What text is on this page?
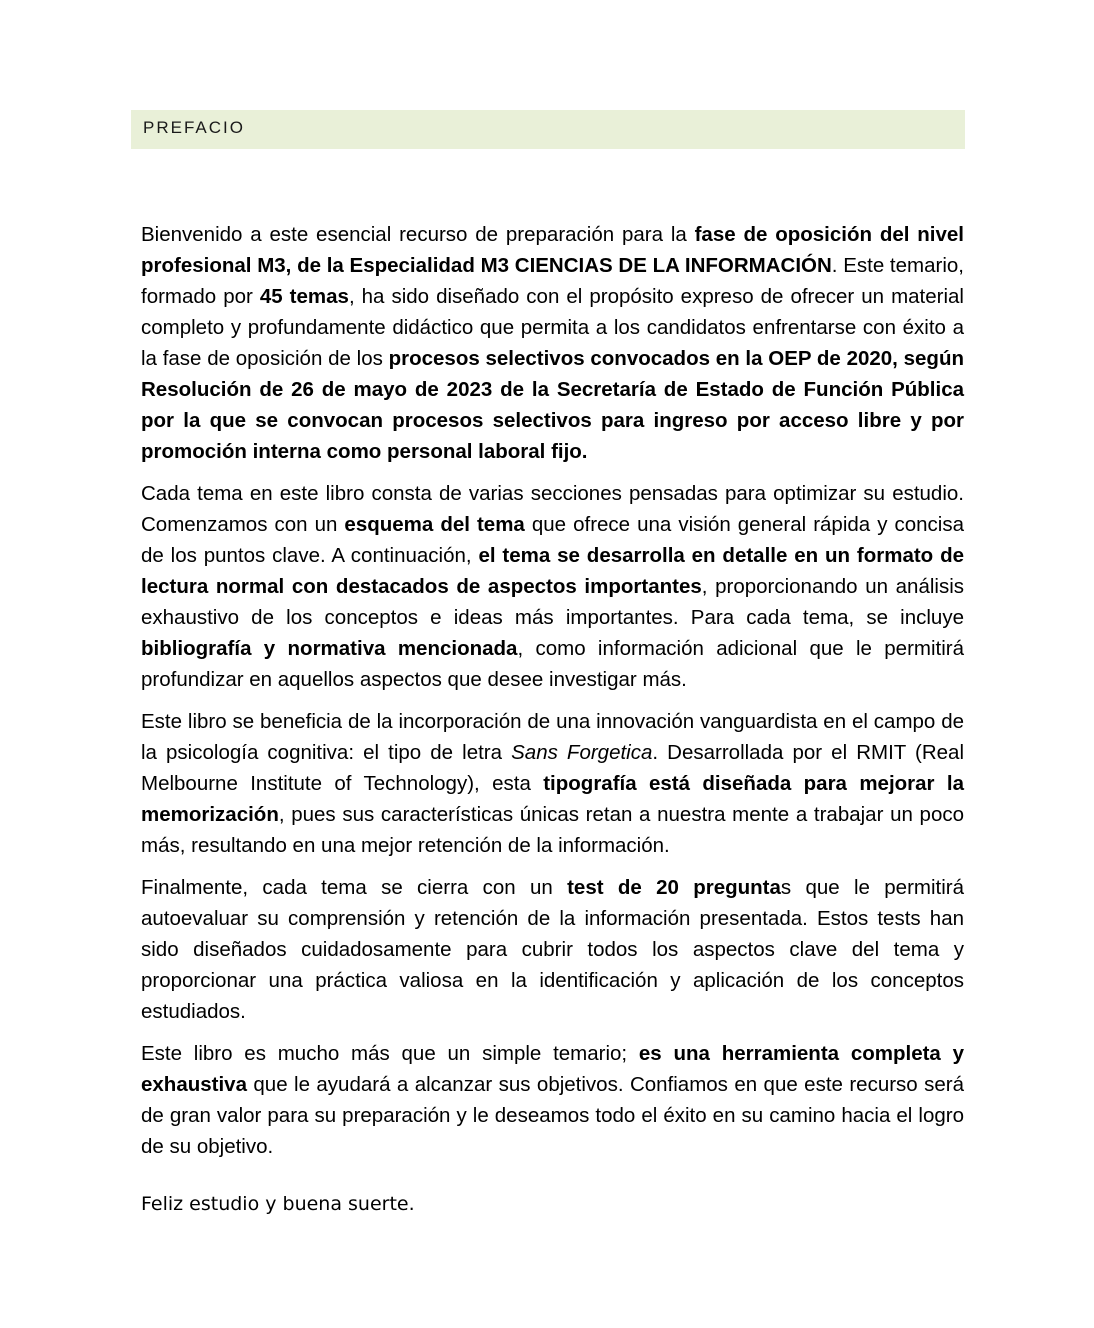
PREFACIO

Bienvenido a este esencial recurso de preparación para la fase de oposición del nivel profesional M3, de la Especialidad M3 CIENCIAS DE LA INFORMACIÓN. Este temario, formado por 45 temas, ha sido diseñado con el propósito expreso de ofrecer un material completo y profundamente didáctico que permita a los candidatos enfrentarse con éxito a la fase de oposición de los procesos selectivos convocados en la OEP de 2020, según Resolución de 26 de mayo de 2023 de la Secretaría de Estado de Función Pública por la que se convocan procesos selectivos para ingreso por acceso libre y por promoción interna como personal laboral fijo.

Cada tema en este libro consta de varias secciones pensadas para optimizar su estudio. Comenzamos con un esquema del tema que ofrece una visión general rápida y concisa de los puntos clave. A continuación, el tema se desarrolla en detalle en un formato de lectura normal con destacados de aspectos importantes, proporcionando un análisis exhaustivo de los conceptos e ideas más importantes. Para cada tema, se incluye bibliografía y normativa mencionada, como información adicional que le permitirá profundizar en aquellos aspectos que desee investigar más.

Este libro se beneficia de la incorporación de una innovación vanguardista en el campo de la psicología cognitiva: el tipo de letra Sans Forgetica. Desarrollada por el RMIT (Real Melbourne Institute of Technology), esta tipografía está diseñada para mejorar la memorización, pues sus características únicas retan a nuestra mente a trabajar un poco más, resultando en una mejor retención de la información.

Finalmente, cada tema se cierra con un test de 20 preguntas que le permitirá autoevaluar su comprensión y retención de la información presentada. Estos tests han sido diseñados cuidadosamente para cubrir todos los aspectos clave del tema y proporcionar una práctica valiosa en la identificación y aplicación de los conceptos estudiados.

Este libro es mucho más que un simple temario; es una herramienta completa y exhaustiva que le ayudará a alcanzar sus objetivos. Confiamos en que este recurso será de gran valor para su preparación y le deseamos todo el éxito en su camino hacia el logro de su objetivo.

Feliz estudio y buena suerte.
